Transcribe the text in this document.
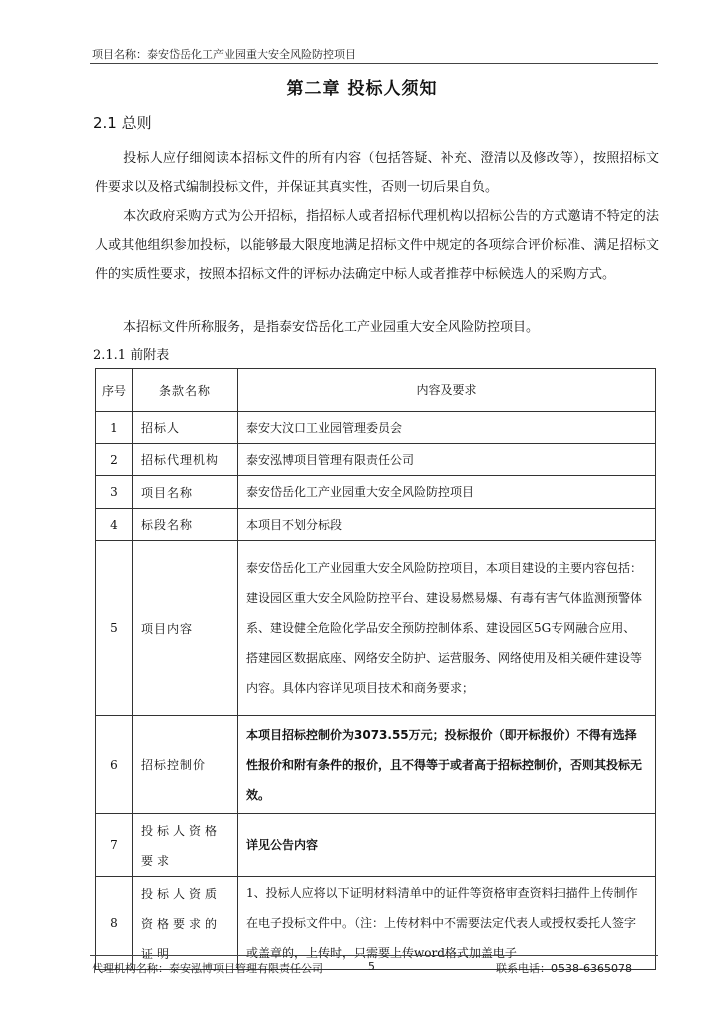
项目名称：泰安岱岳化工产业园重大安全风险防控项目
第二章 投标人须知
2.1 总则
投标人应仔细阅读本招标文件的所有内容（包括答疑、补充、澄清以及修改等），按照招标文件要求以及格式编制投标文件，并保证其真实性，否则一切后果自负。
本次政府采购方式为公开招标，指招标人或者招标代理机构以招标公告的方式邀请不特定的法人或其他组织参加投标，以能够最大限度地满足招标文件中规定的各项综合评价标准、满足招标文件的实质性要求，按照本招标文件的评标办法确定中标人或者推荐中标候选人的采购方式。
本招标文件所称服务，是指泰安岱岳化工产业园重大安全风险防控项目。
2.1.1 前附表
序号	条款名称	内容及要求
1	招标人	泰安大汶口工业园管理委员会
2	招标代理机构	泰安泓博项目管理有限责任公司
3	项目名称	泰安岱岳化工产业园重大安全风险防控项目
4	标段名称	本项目不划分标段
5	项目内容	泰安岱岳化工产业园重大安全风险防控项目，本项目建设的主要内容包括：建设园区重大安全风险防控平台、建设易燃易爆、有毒有害气体监测预警体系、建设健全危险化学品安全预防控制体系、建设园区5G专网融合应用、搭建园区数据底座、网络安全防护、运营服务、网络使用及相关硬件建设等内容。具体内容详见项目技术和商务要求；
6	招标控制价	本项目招标控制价为3073.55万元；投标报价（即开标报价）不得有选择性报价和附有条件的报价，且不得等于或者高于招标控制价，否则其投标无效。
7	投标人资格要求	详见公告内容
8	投标人资质资格要求的证明	1、投标人应将以下证明材料清单中的证件等资格审查资料扫描件上传制作在电子投标文件中。（注：上传材料中不需要法定代表人或授权委托人签字或盖章的，上传时，只需要上传word格式加盖电子
代理机构名称：泰安泓博项目管理有限责任公司	5	联系电话：0538-6365078
